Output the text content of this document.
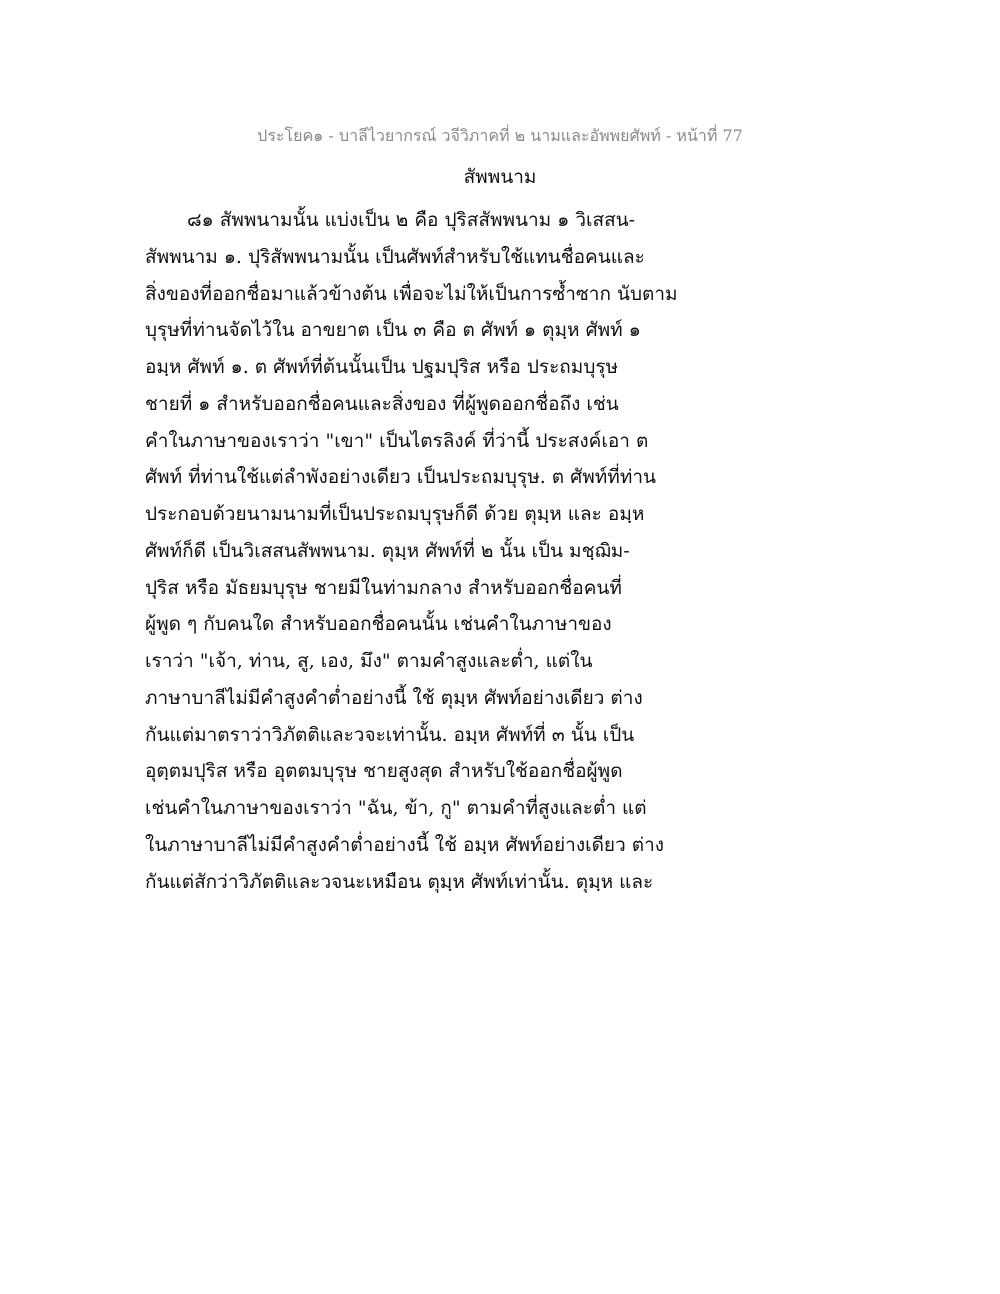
ประโยค๑ - บาลีไวยากรณ์ วจีวิภาคที่ ๒ นามและอัพพยศัพท์ - หน้าที่ 77
สัพพนาม
๘๑ สัพพนามนั้น แบ่งเป็น ๒ คือ ปุริสสัพพนาม ๑ วิเสสน-
สัพพนาม ๑. ปุริสัพพนามนั้น เป็นศัพท์สำหรับใช้แทนชื่อคนและ
สิ่งของที่ออกชื่อมาแล้วข้างต้น เพื่อจะไม่ให้เป็นการซ้ำซาก นับตาม
บุรุษที่ท่านจัดไว้ใน อาขยาต เป็น ๓ คือ ต ศัพท์ ๑ ตุมฺห ศัพท์ ๑
อมฺห ศัพท์ ๑. ต ศัพท์ที่ต้นนั้นเป็น ปฐมปุริส หรือ ประถมบุรุษ
ชายที่ ๑ สำหรับออกชื่อคนและสิ่งของ ที่ผู้พูดออกชื่อถึง เช่น
คำในภาษาของเราว่า "เขา" เป็นไตรลิงค์ ที่ว่านี้ ประสงค์เอา ต
ศัพท์ ที่ท่านใช้แต่ลำพังอย่างเดียว เป็นประถมบุรุษ. ต ศัพท์ที่ท่าน
ประกอบด้วยนามนามที่เป็นประถมบุรุษก็ดี ด้วย ตุมฺห และ อมฺห
ศัพท์ก็ดี เป็นวิเสสนสัพพนาม. ตุมฺห ศัพท์ที่ ๒ นั้น เป็น มชฺฌิม-
ปุริส หรือ มัธยมบุรุษ ชายมีในท่ามกลาง สำหรับออกชื่อคนที่
ผู้พูด ๆ กับคนใด สำหรับออกชื่อคนนั้น เช่นคำในภาษาของ
เราว่า "เจ้า, ท่าน, สู, เอง, มึง" ตามคำสูงและต่ำ, แต่ใน
ภาษาบาลีไม่มีคำสูงคำต่ำอย่างนี้ ใช้ ตุมฺห ศัพท์อย่างเดียว ต่าง
กันแต่มาตราว่าวิภัตติและวจะเท่านั้น. อมฺห ศัพท์ที่ ๓ นั้น เป็น
อุตฺตมปุริส หรือ อุตตมบุรุษ ชายสูงสุด สำหรับใช้ออกชื่อผู้พูด
เช่นคำในภาษาของเราว่า "ฉัน, ข้า, กู" ตามคำที่สูงและต่ำ แต่
ในภาษาบาลีไม่มีคำสูงคำต่ำอย่างนี้ ใช้ อมฺห ศัพท์อย่างเดียว ต่าง
กันแต่สักว่าวิภัตติและวจนะเหมือน ตุมฺห ศัพท์เท่านั้น. ตุมฺห และ
